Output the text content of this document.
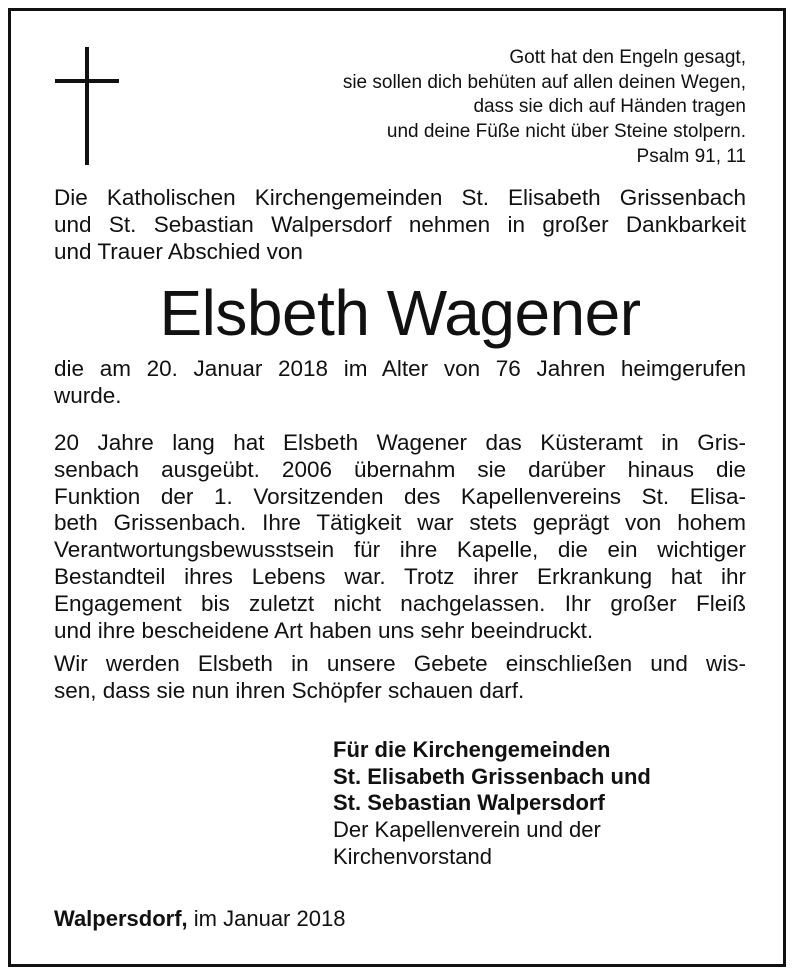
Gott hat den Engeln gesagt,
sie sollen dich behüten auf allen deinen Wegen,
dass sie dich auf Händen tragen
und deine Füße nicht über Steine stolpern.
Psalm 91, 11
Die Katholischen Kirchengemeinden St. Elisabeth Grissenbach
und St. Sebastian Walpersdorf nehmen in großer Dankbarkeit
und Trauer Abschied von
Elsbeth Wagener
die am 20. Januar 2018 im Alter von 76 Jahren heimgerufen
wurde.
20 Jahre lang hat Elsbeth Wagener das Küsteramt in Gris-
senbach ausgeübt. 2006 übernahm sie darüber hinaus die
Funktion der 1. Vorsitzenden des Kapellenvereins St. Elisa-
beth Grissenbach. Ihre Tätigkeit war stets geprägt von hohem
Verantwortungsbewusstsein für ihre Kapelle, die ein wichtiger
Bestandteil ihres Lebens war. Trotz ihrer Erkrankung hat ihr
Engagement bis zuletzt nicht nachgelassen. Ihr großer Fleiß
und ihre bescheidene Art haben uns sehr beeindruckt.
Wir werden Elsbeth in unsere Gebete einschließen und wis-
sen, dass sie nun ihren Schöpfer schauen darf.
Für die Kirchengemeinden
St. Elisabeth Grissenbach und
St. Sebastian Walpersdorf
Der Kapellenverein und der
Kirchenvorstand
Walpersdorf, im Januar 2018
